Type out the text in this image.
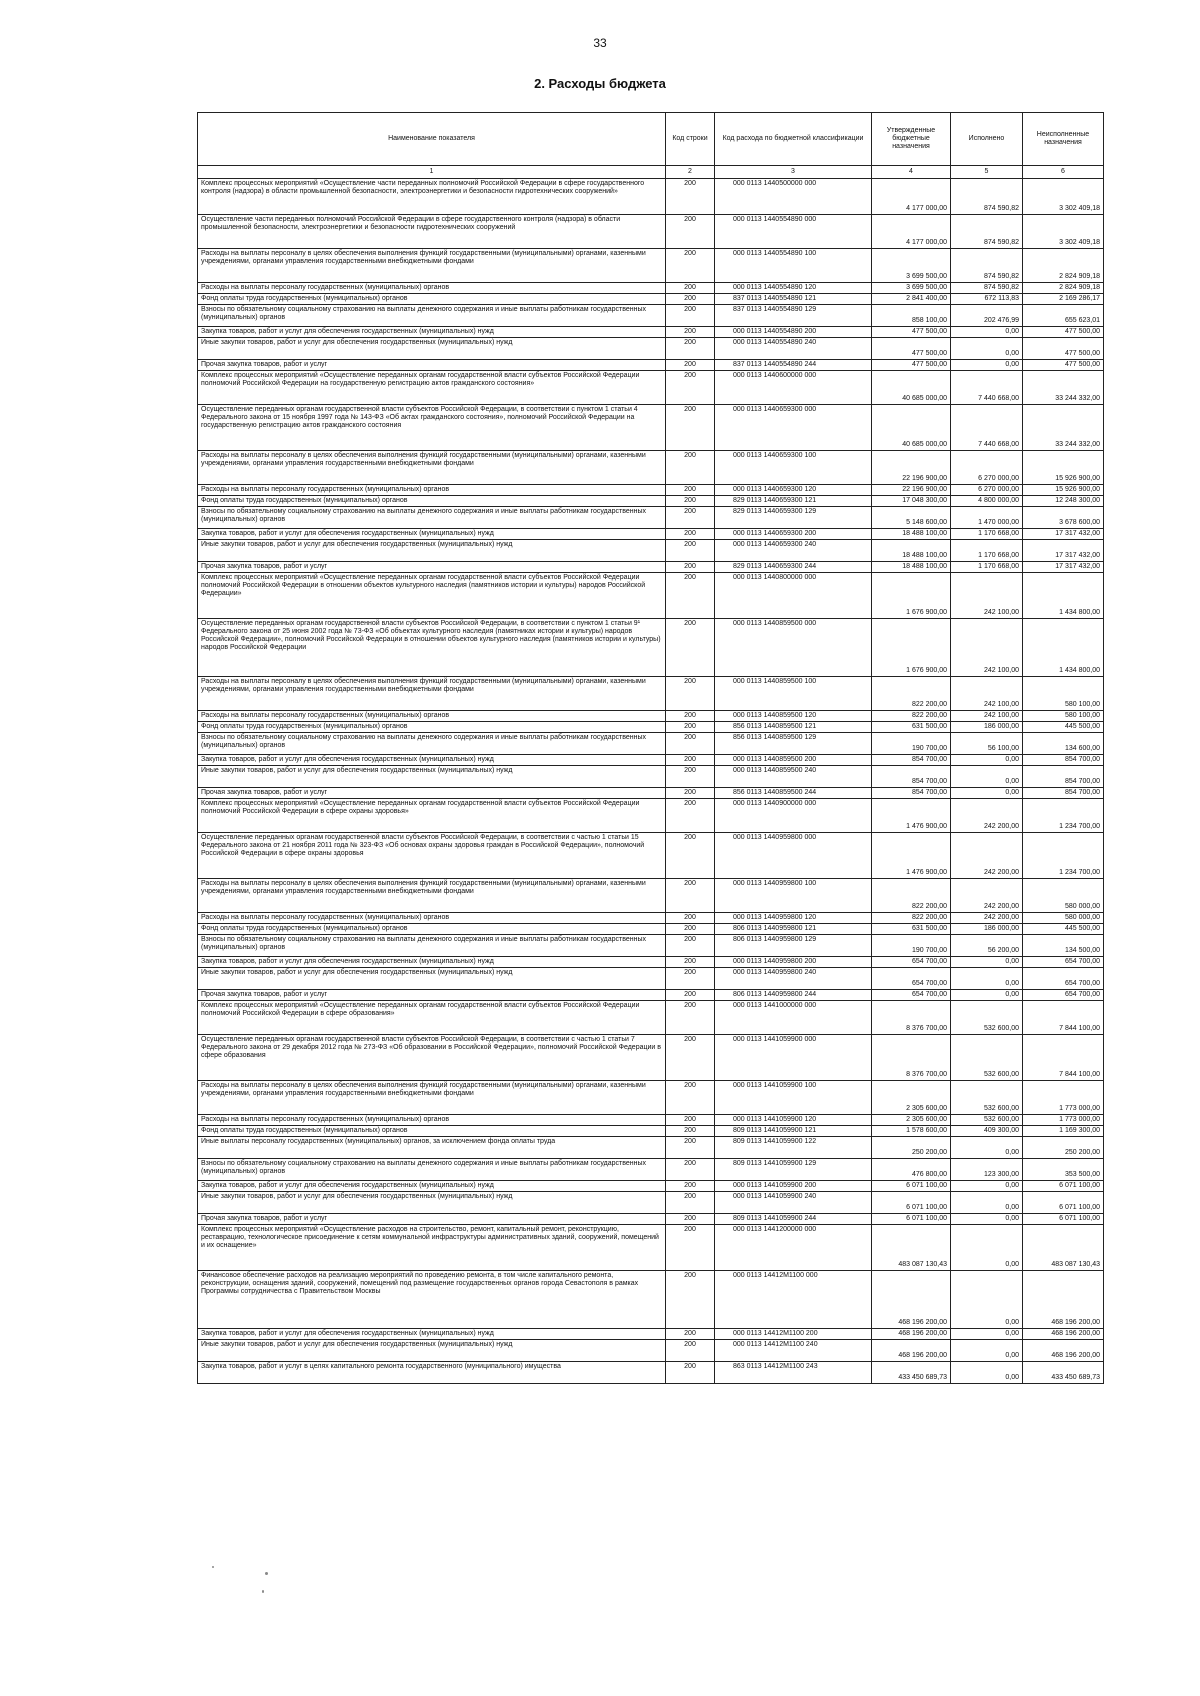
33
2. Расходы бюджета
Наименование показателя	Код строки	Код расхода по бюджетной классификации	Утвержденные бюджетные назначения	Исполнено	Неисполненные назначения
1	2	3	4	5	6
Комплекс процессных мероприятий «Осуществление части переданных полномочий Российской Федерации в сфере государственного контроля (надзора) в области промышленной безопасности, электроэнергетики и безопасности гидротехнических сооружений»	200	000 0113 1440500000 000	4 177 000,00	874 590,82	3 302 409,18
Осуществление части переданных полномочий Российской Федерации в сфере государственного контроля (надзора) в области промышленной безопасности, электроэнергетики и безопасности гидротехнических сооружений	200	000 0113 1440554890 000	4 177 000,00	874 590,82	3 302 409,18
Расходы на выплаты персоналу в целях обеспечения выполнения функций государственными (муниципальными) органами, казенными учреждениями, органами управления государственными внебюджетными фондами	200	000 0113 1440554890 100	3 699 500,00	874 590,82	2 824 909,18
Расходы на выплаты персоналу государственных (муниципальных) органов	200	000 0113 1440554890 120	3 699 500,00	874 590,82	2 824 909,18
Фонд оплаты труда государственных (муниципальных) органов	200	837 0113 1440554890 121	2 841 400,00	672 113,83	2 169 286,17
Взносы по обязательному социальному страхованию на выплаты денежного содержания и иные выплаты работникам государственных (муниципальных) органов	200	837 0113 1440554890 129	858 100,00	202 476,99	655 623,01
Закупка товаров, работ и услуг для обеспечения государственных (муниципальных) нужд	200	000 0113 1440554890 200	477 500,00	0,00	477 500,00
Иные закупки товаров, работ и услуг для обеспечения государственных (муниципальных) нужд	200	000 0113 1440554890 240	477 500,00	0,00	477 500,00
Прочая закупка товаров, работ и услуг	200	837 0113 1440554890 244	477 500,00	0,00	477 500,00
Комплекс процессных мероприятий «Осуществление переданных органам государственной власти субъектов Российской Федерации полномочий Российской Федерации на государственную регистрацию актов гражданского состояния»	200	000 0113 1440600000 000	40 685 000,00	7 440 668,00	33 244 332,00
Осуществление переданных органам государственной власти субъектов Российской Федерации, в соответствии с пунктом 1 статьи 4 Федерального закона от 15 ноября 1997 года № 143-ФЗ «Об актах гражданского состояния», полномочий Российской Федерации на государственную регистрацию актов гражданского состояния	200	000 0113 1440659300 000	40 685 000,00	7 440 668,00	33 244 332,00
Расходы на выплаты персоналу в целях обеспечения выполнения функций государственными (муниципальными) органами, казенными учреждениями, органами управления государственными внебюджетными фондами	200	000 0113 1440659300 100	22 196 900,00	6 270 000,00	15 926 900,00
Расходы на выплаты персоналу государственных (муниципальных) органов	200	000 0113 1440659300 120	22 196 900,00	6 270 000,00	15 926 900,00
Фонд оплаты труда государственных (муниципальных) органов	200	829 0113 1440659300 121	17 048 300,00	4 800 000,00	12 248 300,00
Взносы по обязательному социальному страхованию на выплаты денежного содержания и иные выплаты работникам государственных (муниципальных) органов	200	829 0113 1440659300 129	5 148 600,00	1 470 000,00	3 678 600,00
Закупка товаров, работ и услуг для обеспечения государственных (муниципальных) нужд	200	000 0113 1440659300 200	18 488 100,00	1 170 668,00	17 317 432,00
Иные закупки товаров, работ и услуг для обеспечения государственных (муниципальных) нужд	200	000 0113 1440659300 240	18 488 100,00	1 170 668,00	17 317 432,00
Прочая закупка товаров, работ и услуг	200	829 0113 1440659300 244	18 488 100,00	1 170 668,00	17 317 432,00
Комплекс процессных мероприятий «Осуществление переданных органам государственной власти субъектов Российской Федерации полномочий Российской Федерации в отношении объектов культурного наследия (памятников истории и культуры) народов Российской Федерации»	200	000 0113 1440800000 000	1 676 900,00	242 100,00	1 434 800,00
Осуществление переданных органам государственной власти субъектов Российской Федерации, в соответствии с пунктом 1 статьи 9¹ Федерального закона от 25 июня 2002 года № 73-ФЗ «Об объектах культурного наследия (памятниках истории и культуры) народов Российской Федерации», полномочий Российской Федерации в отношении объектов культурного наследия (памятников истории и культуры) народов Российской Федерации	200	000 0113 1440859500 000	1 676 900,00	242 100,00	1 434 800,00
Расходы на выплаты персоналу в целях обеспечения выполнения функций государственными (муниципальными) органами, казенными учреждениями, органами управления государственными внебюджетными фондами	200	000 0113 1440859500 100	822 200,00	242 100,00	580 100,00
Расходы на выплаты персоналу государственных (муниципальных) органов	200	000 0113 1440859500 120	822 200,00	242 100,00	580 100,00
Фонд оплаты труда государственных (муниципальных) органов	200	856 0113 1440859500 121	631 500,00	186 000,00	445 500,00
Взносы по обязательному социальному страхованию на выплаты денежного содержания и иные выплаты работникам государственных (муниципальных) органов	200	856 0113 1440859500 129	190 700,00	56 100,00	134 600,00
Закупка товаров, работ и услуг для обеспечения государственных (муниципальных) нужд	200	000 0113 1440859500 200	854 700,00	0,00	854 700,00
Иные закупки товаров, работ и услуг для обеспечения государственных (муниципальных) нужд	200	000 0113 1440859500 240	854 700,00	0,00	854 700,00
Прочая закупка товаров, работ и услуг	200	856 0113 1440859500 244	854 700,00	0,00	854 700,00
Комплекс процессных мероприятий «Осуществление переданных органам государственной власти субъектов Российской Федерации полномочий Российской Федерации в сфере охраны здоровья»	200	000 0113 1440900000 000	1 476 900,00	242 200,00	1 234 700,00
Осуществление переданных органам государственной власти субъектов Российской Федерации, в соответствии с частью 1 статьи 15 Федерального закона от 21 ноября 2011 года № 323-ФЗ «Об основах охраны здоровья граждан в Российской Федерации», полномочий Российской Федерации в сфере охраны здоровья	200	000 0113 1440959800 000	1 476 900,00	242 200,00	1 234 700,00
Расходы на выплаты персоналу в целях обеспечения выполнения функций государственными (муниципальными) органами, казенными учреждениями, органами управления государственными внебюджетными фондами	200	000 0113 1440959800 100	822 200,00	242 200,00	580 000,00
Расходы на выплаты персоналу государственных (муниципальных) органов	200	000 0113 1440959800 120	822 200,00	242 200,00	580 000,00
Фонд оплаты труда государственных (муниципальных) органов	200	806 0113 1440959800 121	631 500,00	186 000,00	445 500,00
Взносы по обязательному социальному страхованию на выплаты денежного содержания и иные выплаты работникам государственных (муниципальных) органов	200	806 0113 1440959800 129	190 700,00	56 200,00	134 500,00
Закупка товаров, работ и услуг для обеспечения государственных (муниципальных) нужд	200	000 0113 1440959800 200	654 700,00	0,00	654 700,00
Иные закупки товаров, работ и услуг для обеспечения государственных (муниципальных) нужд	200	000 0113 1440959800 240	654 700,00	0,00	654 700,00
Прочая закупка товаров, работ и услуг	200	806 0113 1440959800 244	654 700,00	0,00	654 700,00
Комплекс процессных мероприятий «Осуществление переданных органам государственной власти субъектов Российской Федерации полномочий Российской Федерации в сфере образования»	200	000 0113 1441000000 000	8 376 700,00	532 600,00	7 844 100,00
Осуществление переданных органам государственной власти субъектов Российской Федерации, в соответствии с частью 1 статьи 7 Федерального закона от 29 декабря 2012 года № 273-ФЗ «Об образовании в Российской Федерации», полномочий Российской Федерации в сфере образования	200	000 0113 1441059900 000	8 376 700,00	532 600,00	7 844 100,00
Расходы на выплаты персоналу в целях обеспечения выполнения функций государственными (муниципальными) органами, казенными учреждениями, органами управления государственными внебюджетными фондами	200	000 0113 1441059900 100	2 305 600,00	532 600,00	1 773 000,00
Расходы на выплаты персоналу государственных (муниципальных) органов	200	000 0113 1441059900 120	2 305 600,00	532 600,00	1 773 000,00
Фонд оплаты труда государственных (муниципальных) органов	200	809 0113 1441059900 121	1 578 600,00	409 300,00	1 169 300,00
Иные выплаты персоналу государственных (муниципальных) органов, за исключением фонда оплаты труда	200	809 0113 1441059900 122	250 200,00	0,00	250 200,00
Взносы по обязательному социальному страхованию на выплаты денежного содержания и иные выплаты работникам государственных (муниципальных) органов	200	809 0113 1441059900 129	476 800,00	123 300,00	353 500,00
Закупка товаров, работ и услуг для обеспечения государственных (муниципальных) нужд	200	000 0113 1441059900 200	6 071 100,00	0,00	6 071 100,00
Иные закупки товаров, работ и услуг для обеспечения государственных (муниципальных) нужд	200	000 0113 1441059900 240	6 071 100,00	0,00	6 071 100,00
Прочая закупка товаров, работ и услуг	200	809 0113 1441059900 244	6 071 100,00	0,00	6 071 100,00
Комплекс процессных мероприятий «Осуществление расходов на строительство, ремонт, капитальный ремонт, реконструкцию, реставрацию, технологическое присоединение к сетям коммунальной инфраструктуры административных зданий, сооружений, помещений и их оснащение»	200	000 0113 1441200000 000	483 087 130,43	0,00	483 087 130,43
Финансовое обеспечение расходов на реализацию мероприятий по проведению ремонта, в том числе капитального ремонта, реконструкции, оснащения зданий, сооружений, помещений под размещение государственных органов города Севастополя в рамках Программы сотрудничества с Правительством Москвы	200	000 0113 14412M1100 000	468 196 200,00	0,00	468 196 200,00
Закупка товаров, работ и услуг для обеспечения государственных (муниципальных) нужд	200	000 0113 14412M1100 200	468 196 200,00	0,00	468 196 200,00
Иные закупки товаров, работ и услуг для обеспечения государственных (муниципальных) нужд	200	000 0113 14412M1100 240	468 196 200,00	0,00	468 196 200,00
Закупка товаров, работ и услуг в целях капитального ремонта государственного (муниципального) имущества	200	863 0113 14412M1100 243	433 450 689,73	0,00	433 450 689,73
